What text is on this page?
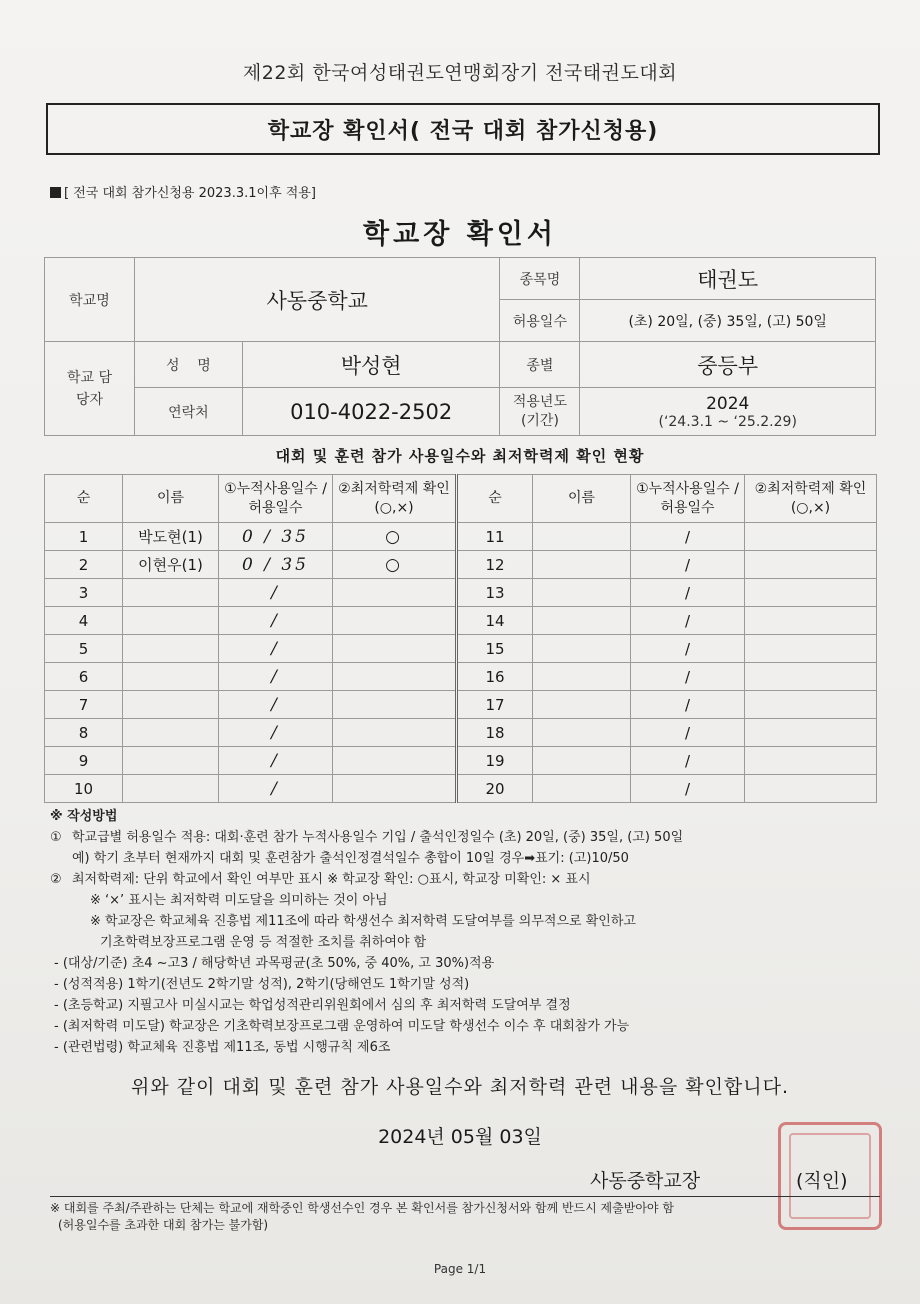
제22회 한국여성태권도연맹회장기 전국태권도대회
학교장 확인서( 전국 대회 참가신청용)
[ 전국 대회 참가신청용 2023.3.1이후 적용]
학교장 확인서
학교명	사동중학교		종목명	태권도
			허용일수	(초) 20일, (중) 35일, (고) 50일
학교 담당자	성    명	박성현	종별	중등부
	연락처	010-4022-2502	적용년도 (기간)	2024
(‘24.3.1 ~ ‘25.2.29)
대회 및 훈련 참가 사용일수와 최저학력제 확인 현황
순	이름	①누적사용일수 /허용일수	②최저학력제 확인(○,×)	순	이름	①누적사용일수 /허용일수	②최저학력제 확인(○,×)
1	박도현(1)	0 / 35	○	11		/	
2	이현우(1)	0 / 35	○	12		/	
3		/		13		/	
4		/		14		/	
5		/		15		/	
6		/		16		/	
7		/		17		/	
8		/		18		/	
9		/		19		/	
10		/		20		/	
※ 작성방법
① 학교급별 허용일수 적용: 대회·훈련 참가 누적사용일수 기입 / 출석인정일수 (초) 20일, (중) 35일, (고) 50일
예) 학기 초부터 현재까지 대회 및 훈련참가 출석인정결석일수 총합이 10일 경우➡표기: (고)10/50
② 최저학력제: 단위 학교에서 확인 여부만 표시 ※ 학교장 확인: ○표시, 학교장 미확인: × 표시
※ ‘×’ 표시는 최저학력 미도달을 의미하는 것이 아님
※ 학교장은 학교체육 진흥법 제11조에 따라 학생선수 최저학력 도달여부를 의무적으로 확인하고
기초학력보장프로그램 운영 등 적절한 조치를 취하여야 함
- (대상/기준) 초4 ~고3 / 해당학년 과목평균(초 50%, 중 40%, 고 30%)적용
- (성적적용) 1학기(전년도 2학기말 성적), 2학기(당해연도 1학기말 성적)
- (초등학교) 지필고사 미실시교는 학업성적관리위원회에서 심의 후 최저학력 도달여부 결정
- (최저학력 미도달) 학교장은 기초학력보장프로그램 운영하여 미도달 학생선수 이수 후 대회참가 가능
- (관련법령) 학교체육 진흥법 제11조, 동법 시행규칙 제6조
위와 같이 대회 및 훈련 참가 사용일수와 최저학력 관련 내용을 확인합니다.
2024년 05월 03일
사동중학교장	(직인)
※ 대회를 주최/주관하는 단체는 학교에 재학중인 학생선수인 경우 본 확인서를 참가신청서와 함께 반드시 제출받아야 함
(허용일수를 초과한 대회 참가는 불가함)
Page 1/1
